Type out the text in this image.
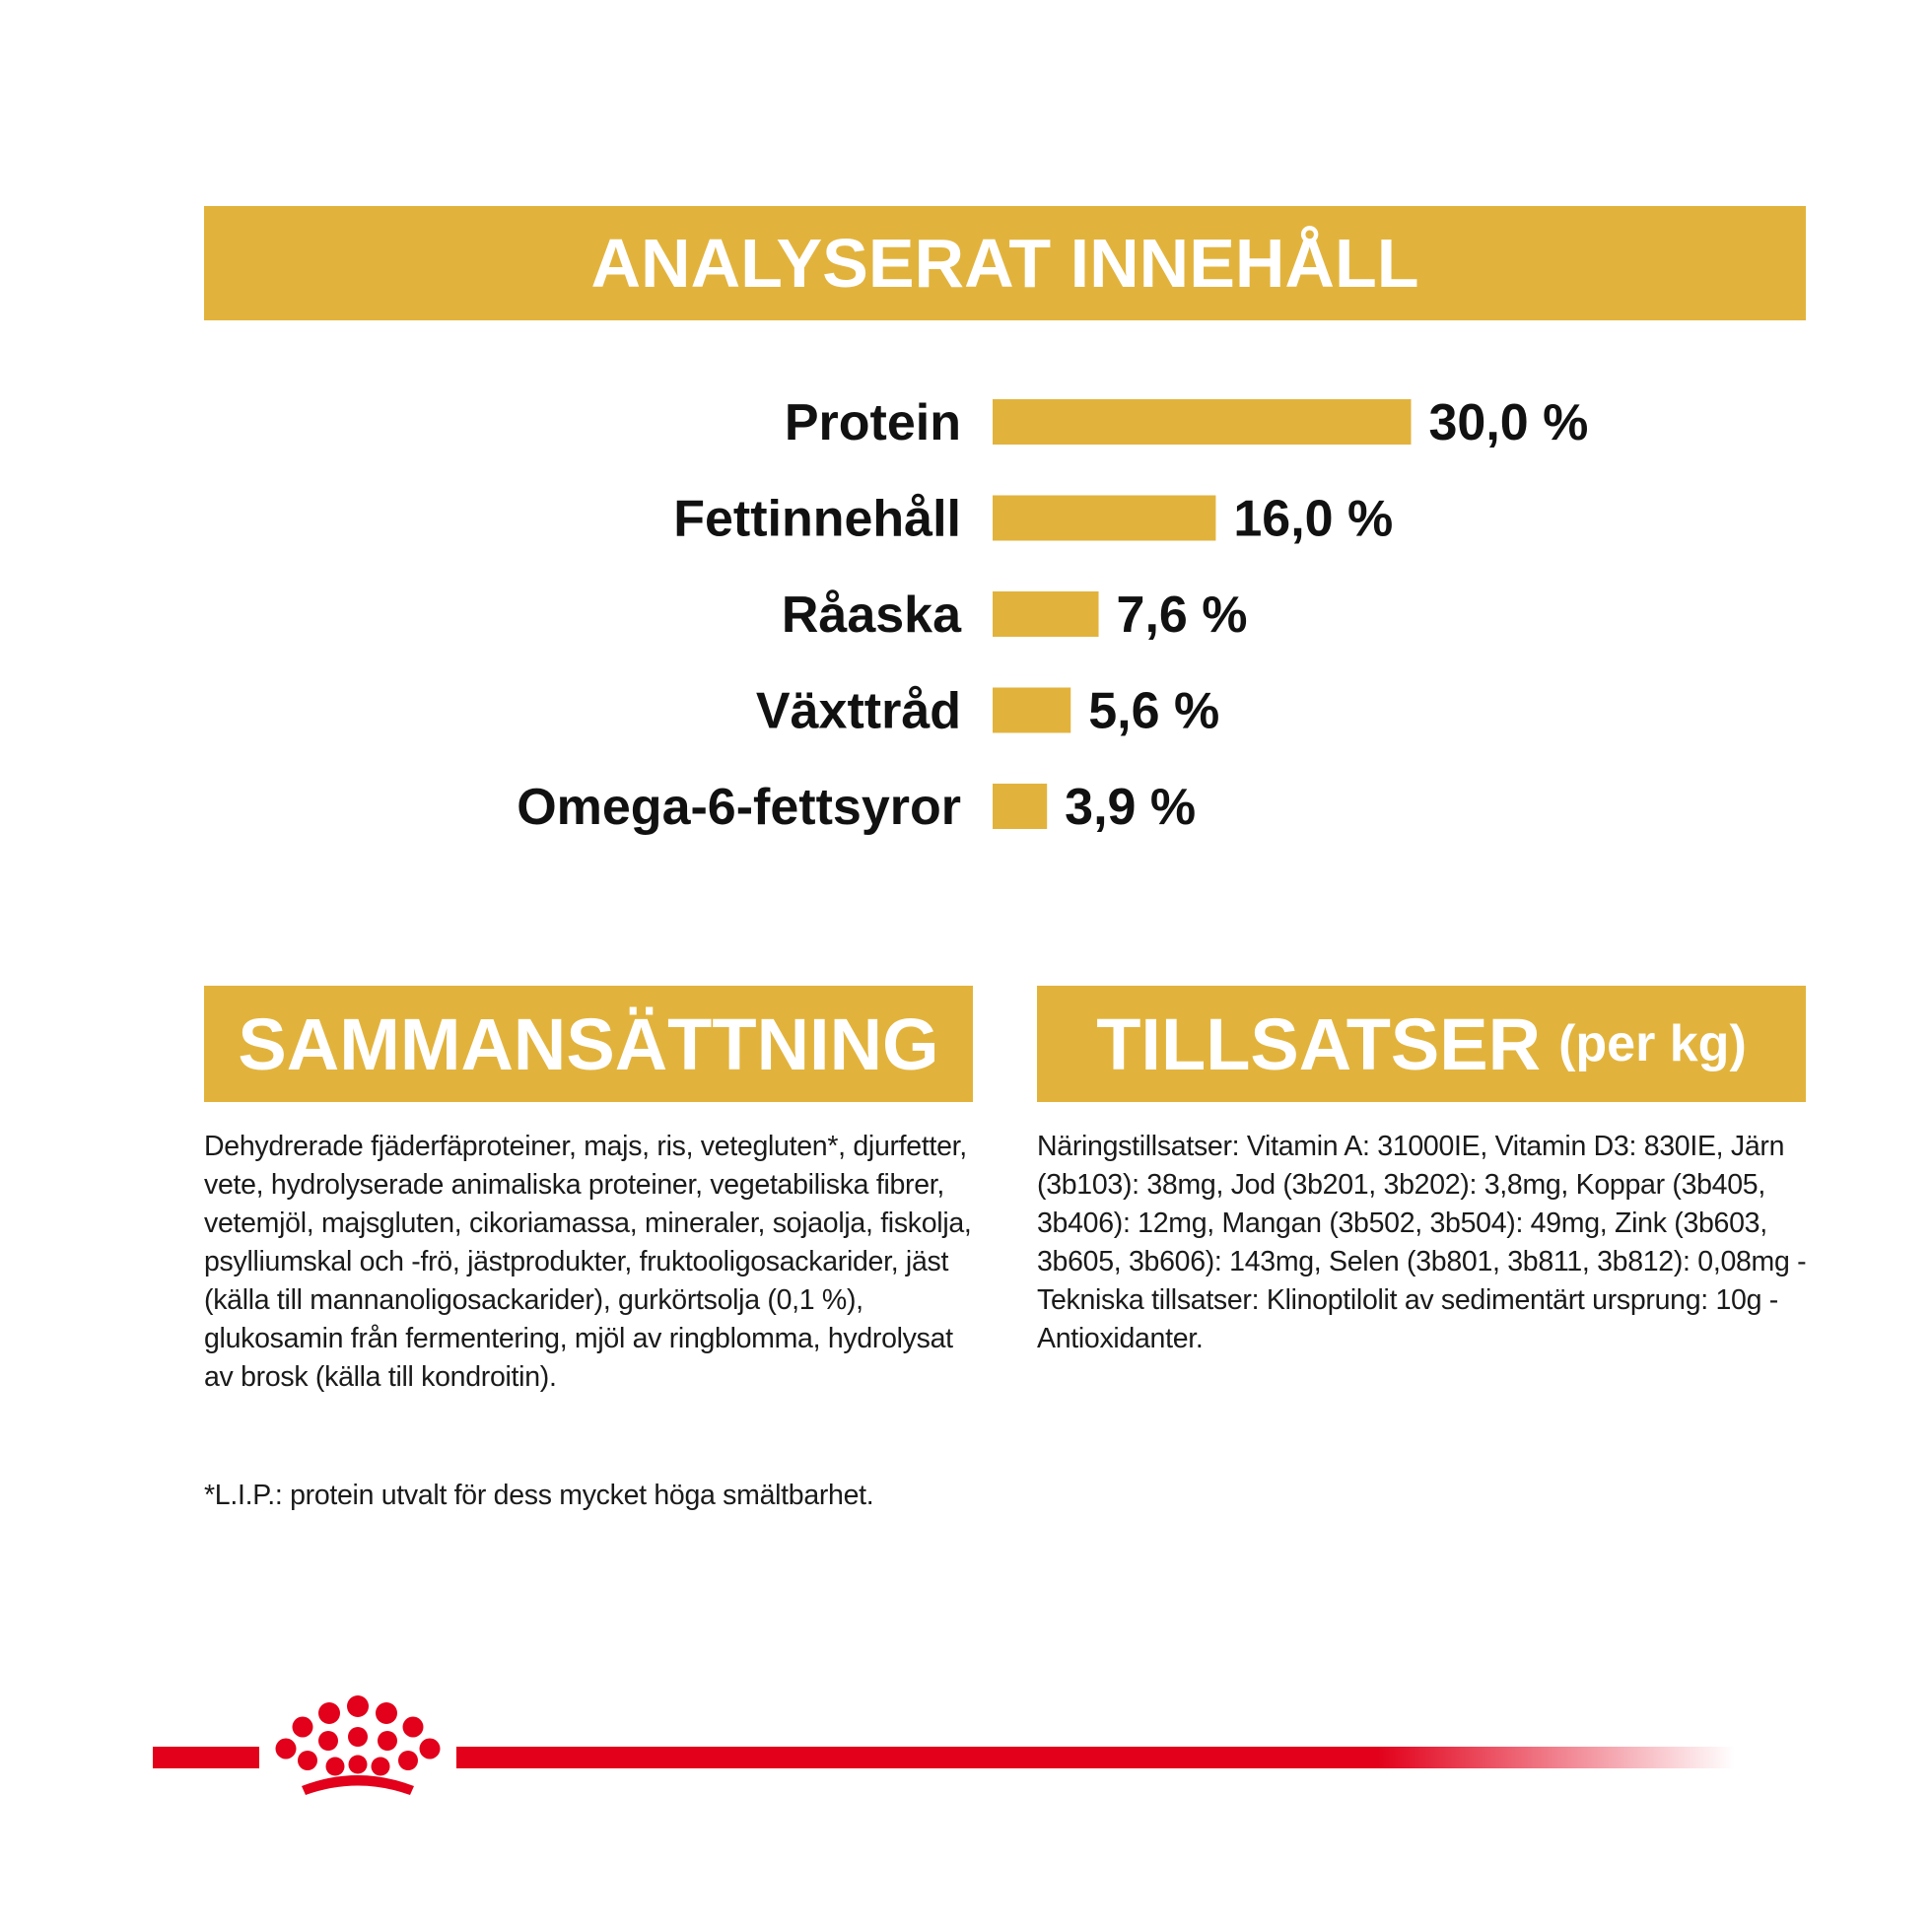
ANALYSERAT INNEHÅLL
Protein	30,0 %
Fettinnehåll	16,0 %
Råaska	7,6 %
Växttråd 5,6 %
Omega-6-fettsyror 3,9 %
SAMMANSÄTTNING
Dehydrerade fjäderfäproteiner, majs, ris, vetegluten*, djurfetter, vete, hydrolyserade animaliska proteiner, vegetabiliska fibrer, vetemjöl, majsgluten, cikoriamassa, mineraler, sojaolja, fiskolja, psylliumskal och -frö, jästprodukter, fruktooligosackarider, jäst (källa till mannanoligosackarider), gurkörtsolja (0,1 %), glukosamin från fermentering, mjöl av ringblomma, hydrolysat av brosk (källa till kondroitin).
*L.I.P.: protein utvalt för dess mycket höga smältbarhet.
TILLSATSER (per kg)
Näringstillsatser: Vitamin A: 31000IE, Vitamin D3: 830IE, Järn (3b103): 38mg, Jod (3b201, 3b202): 3,8mg, Koppar (3b405, 3b406): 12mg, Mangan (3b502, 3b504): 49mg, Zink (3b603, 3b605, 3b606): 143mg, Selen (3b801, 3b811, 3b812): 0,08mg - Tekniska tillsatser: Klinoptilolit av sedimentärt ursprung: 10g - Antioxidanter.
